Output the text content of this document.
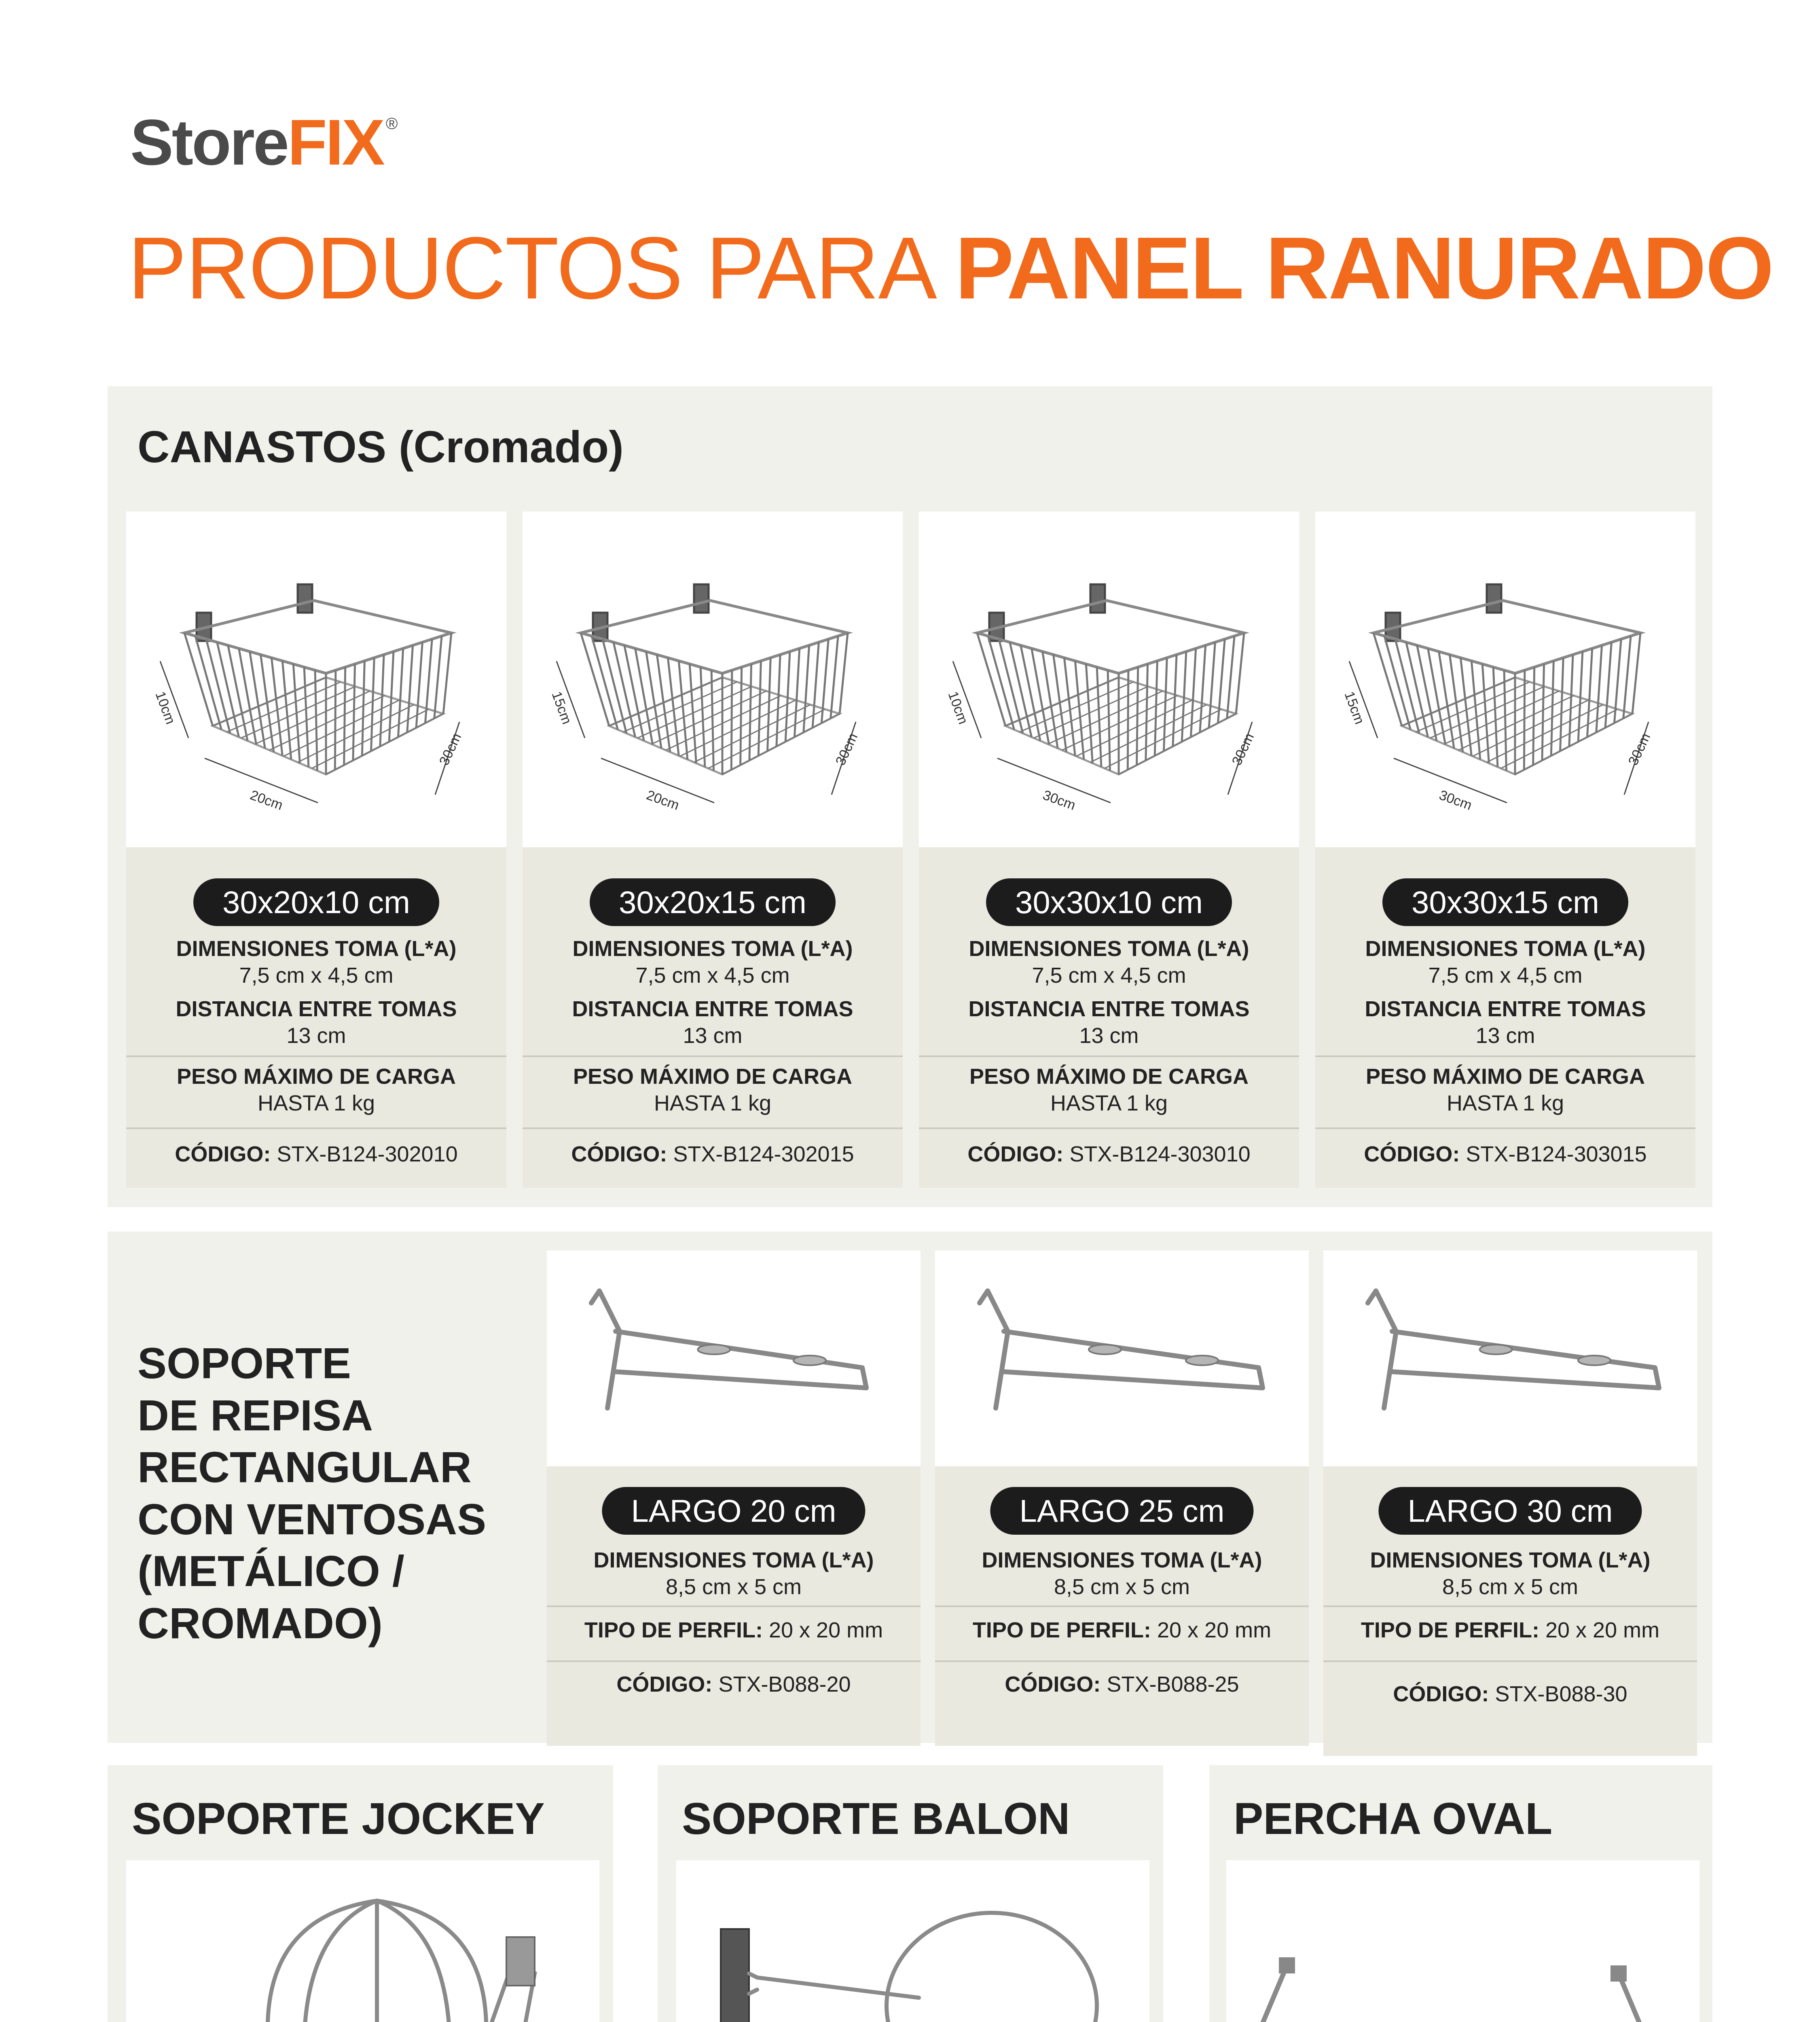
StoreFIX ®
PRODUCTOS PARA PANEL RANURADO
CANASTOS (Cromado)
10cm
20cm
30cm
30x20x10 cm
DIMENSIONES TOMA (L*A)
7,5 cm x 4,5 cm
DISTANCIA ENTRE TOMAS
13 cm
PESO MÁXIMO DE CARGA
HASTA 1 kg
CÓDIGO: STX-B124-302010
15cm
20cm
30cm
30x20x15 cm
DIMENSIONES TOMA (L*A)
7,5 cm x 4,5 cm
DISTANCIA ENTRE TOMAS
13 cm
PESO MÁXIMO DE CARGA
HASTA 1 kg
CÓDIGO: STX-B124-302015
10cm
30cm
30cm
30x30x10 cm
DIMENSIONES TOMA (L*A)
7,5 cm x 4,5 cm
DISTANCIA ENTRE TOMAS
13 cm
PESO MÁXIMO DE CARGA
HASTA 1 kg
CÓDIGO: STX-B124-303010
15cm
30cm
30cm
30x30x15 cm
DIMENSIONES TOMA (L*A)
7,5 cm x 4,5 cm
DISTANCIA ENTRE TOMAS
13 cm
PESO MÁXIMO DE CARGA
HASTA 1 kg
CÓDIGO: STX-B124-303015
SOPORTE
DE REPISA
RECTANGULAR
CON VENTOSAS
(METÁLICO /
CROMADO)
LARGO 20 cm
DIMENSIONES TOMA (L*A)
8,5 cm x 5 cm
TIPO DE PERFIL: 20 x 20 mm
CÓDIGO: STX-B088-20
LARGO 25 cm
DIMENSIONES TOMA (L*A)
8,5 cm x 5 cm
TIPO DE PERFIL: 20 x 20 mm
CÓDIGO: STX-B088-25
LARGO 30 cm
DIMENSIONES TOMA (L*A)
8,5 cm x 5 cm
TIPO DE PERFIL: 20 x 20 mm
CÓDIGO: STX-B088-30
SOPORTE JOCKEY	SOPORTE BALON	PERCHA OVAL
